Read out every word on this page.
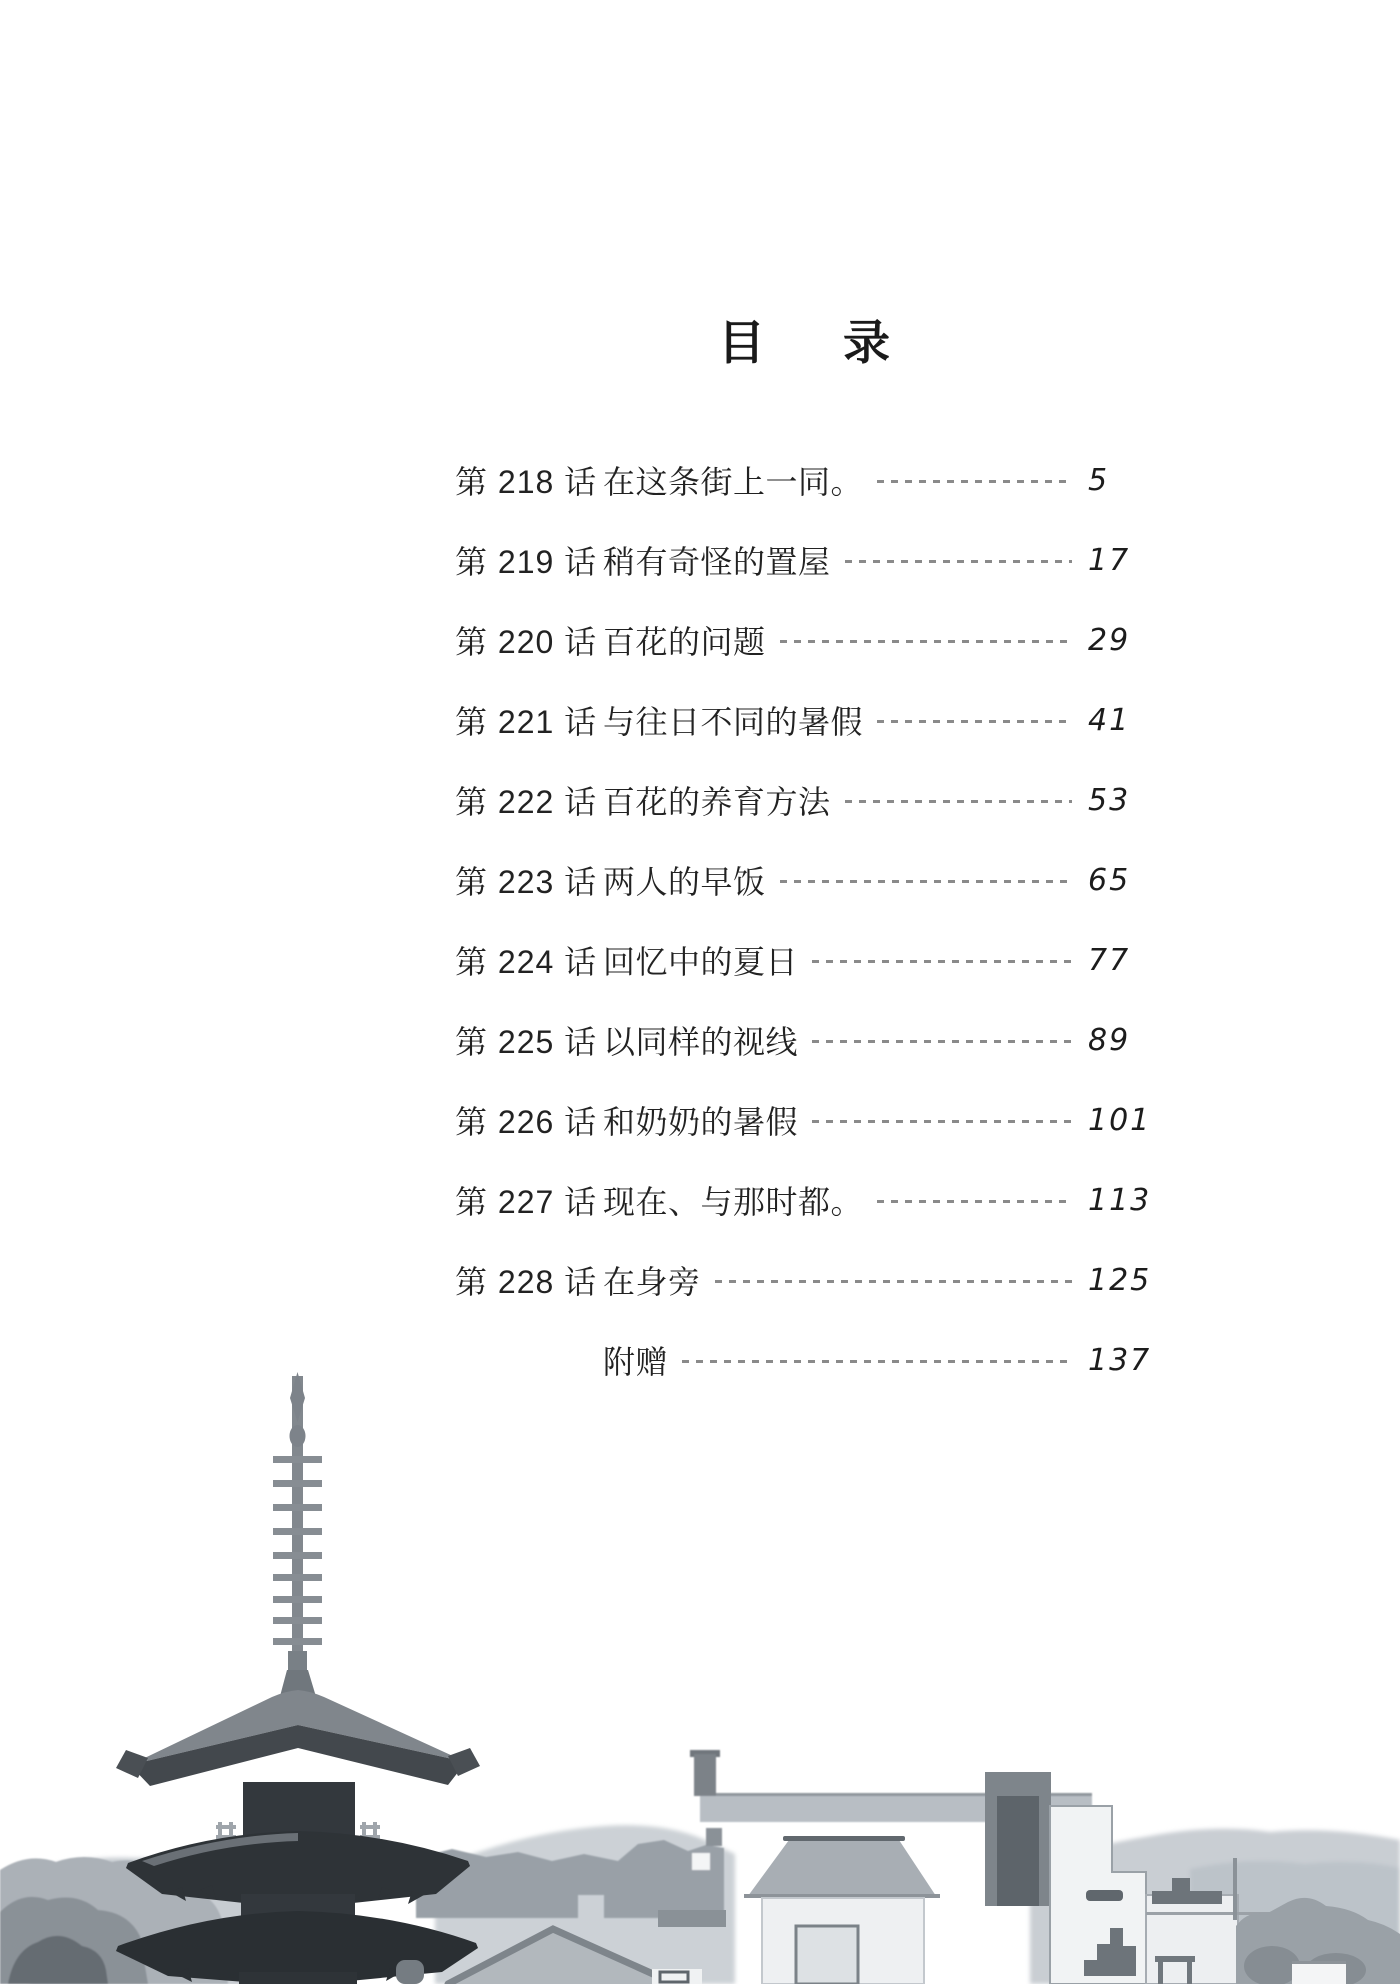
目录
第 218 话 在这条街上一同。	5
第 219 话 稍有奇怪的置屋	17
第 220 话 百花的问题	29
第 221 话 与往日不同的暑假	41
第 222 话 百花的养育方法	53
第 223 话 两人的早饭	65
第 224 话 回忆中的夏日	77
第 225 话 以同样的视线	89
第 226 话 和奶奶的暑假	101
第 227 话 现在、与那时都。	113
第 228 话 在身旁	125
附赠	137
